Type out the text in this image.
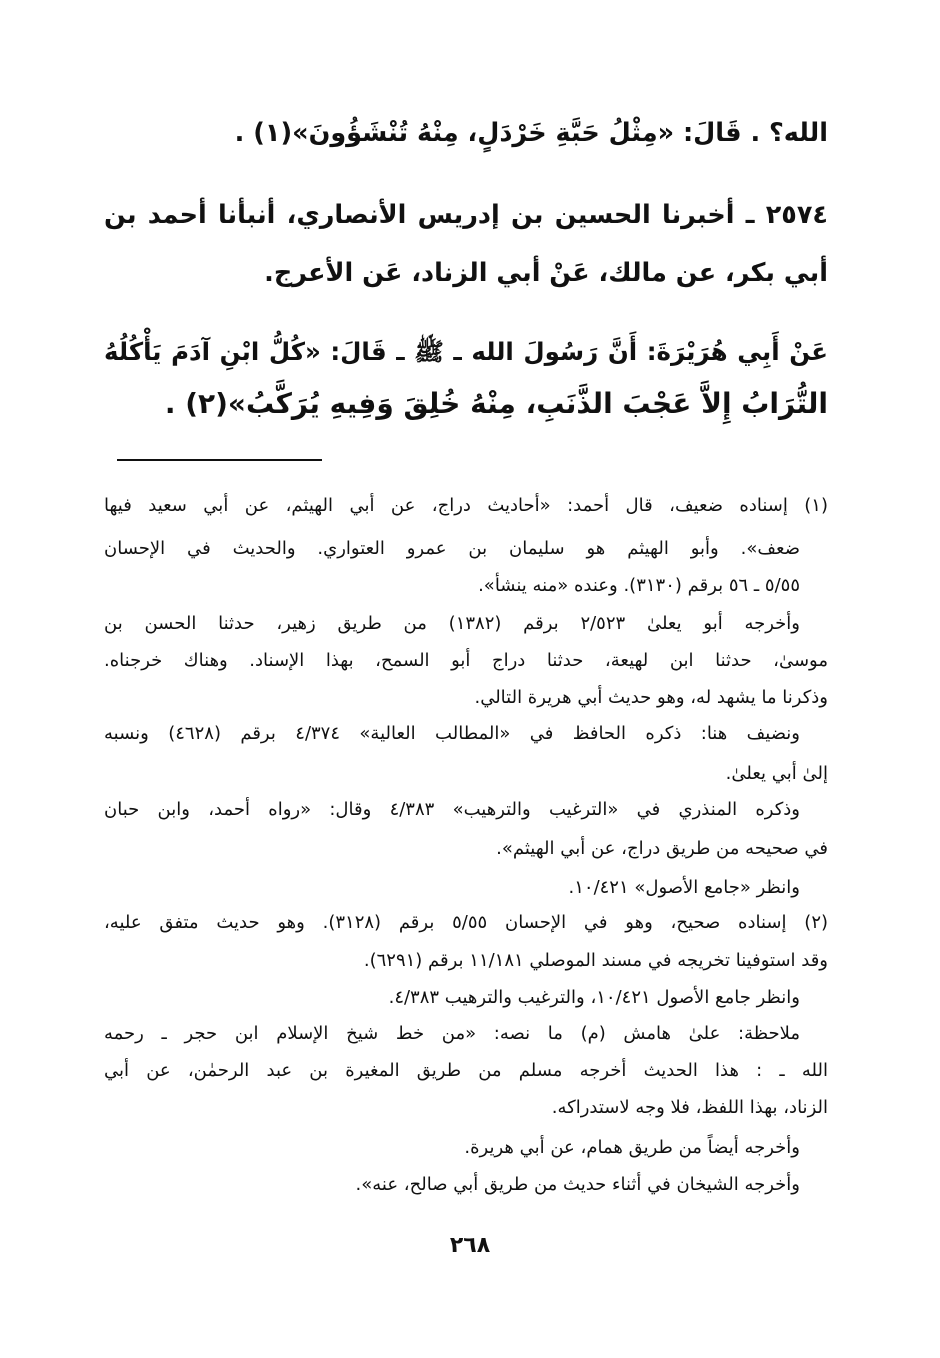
الله؟ . قَالَ: «مِثْلُ حَبَّةِ خَرْدَلٍ، مِنْهُ تُنْشَؤُونَ»(١) .

٢٥٧٤ ـ أخبرنا الحسين بن إدريس الأنصاري، أنبأنا أحمد بن

أبي بكر، عن مالك، عَنْ أبي الزناد، عَن الأعرج.

عَنْ أَبِي هُرَيْرَةَ: أَنَّ رَسُولَ الله ـ ﷺ ـ قَالَ: «كُلُّ ابْنِ آدَمَ يَأْكُلُهُ

التُّرَابُ إِلاَّ عَجْبَ الذَّنَبِ، مِنْهُ خُلِقَ وَفِيهِ يُرَكَّبُ»(٢) .

(١) إسناده ضعيف، قال أحمد: «أحاديث دراج، عن أبي الهيثم، عن أبي سعيد فيها

ضعف». وأبو الهيثم هو سليمان بن عمرو العتواري. والحديث في الإحسان

٥/٥٥ ـ ٥٦ برقم (٣١٣٠). وعنده «منه ينشأ».

وأخرجه أبو يعلىٰ ٢/٥٢٣ برقم (١٣٨٢) من طريق زهير، حدثنا الحسن بن

موسىٰ، حدثنا ابن لهيعة، حدثنا دراج أبو السمح، بهذا الإسناد. وهناك خرجناه.

وذكرنا ما يشهد له، وهو حديث أبي هريرة التالي.

ونضيف هنا: ذكره الحافظ في «المطالب العالية» ٤/٣٧٤ برقم (٤٦٢٨) ونسبه

إلىٰ أبي يعلىٰ.

وذكره المنذري في «الترغيب والترهيب» ٤/٣٨٣ وقال: «رواه أحمد، وابن حبان

في صحيحه من طريق دراج، عن أبي الهيثم».

وانظر «جامع الأصول» ١٠/٤٢١.

(٢) إسناده صحيح، وهو في الإحسان ٥/٥٥ برقم (٣١٢٨). وهو حديث متفق عليه،

وقد استوفينا تخريجه في مسند الموصلي ١١/١٨١ برقم (٦٢٩١).

وانظر جامع الأصول ١٠/٤٢١، والترغيب والترهيب ٤/٣٨٣.

ملاحظة: علىٰ هامش (م) ما نصه: «من خط شيخ الإسلام ابن حجر ـ رحمه

الله ـ : هذا الحديث أخرجه مسلم من طريق المغيرة بن عبد الرحمٰن، عن أبي

الزناد، بهذا اللفظ، فلا وجه لاستدراكه.

وأخرجه أيضاً من طريق همام، عن أبي هريرة.

وأخرجه الشيخان في أثناء حديث من طريق أبي صالح، عنه».

٢٦٨
